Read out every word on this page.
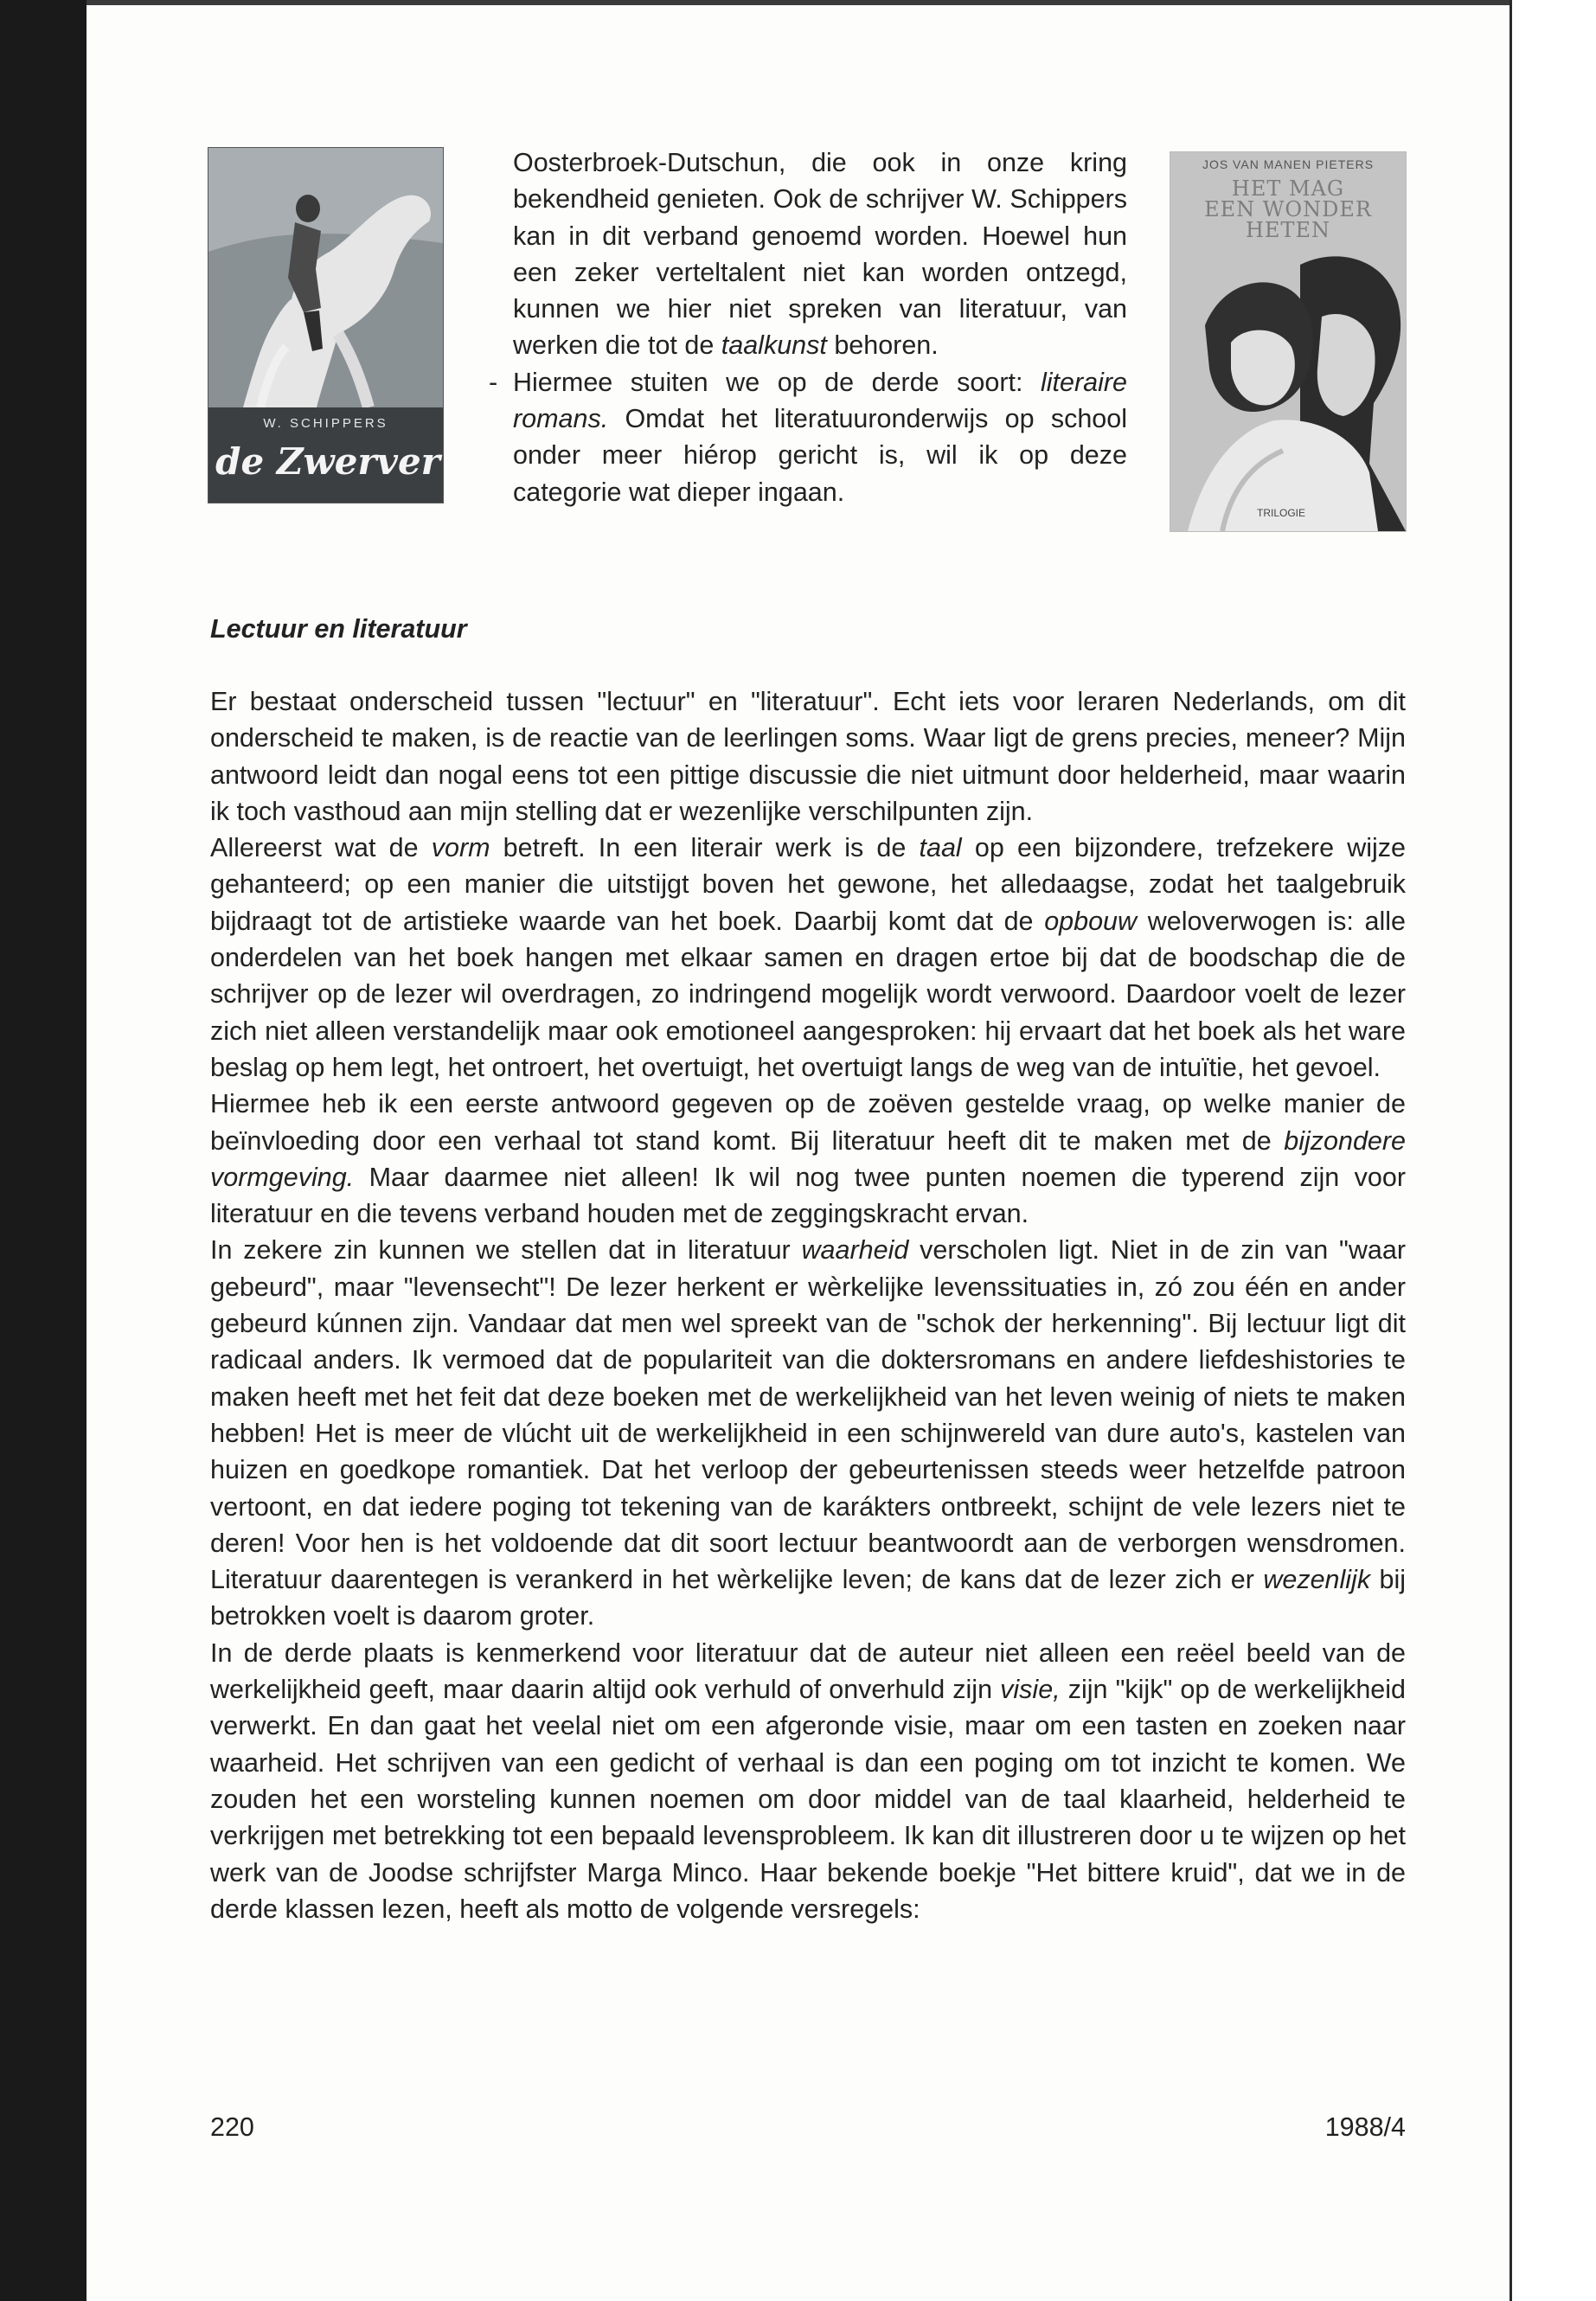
W. SCHIPPERS
de Zwerver

Oosterbroek-Dutschun, die ook in onze kring bekendheid genieten. Ook de schrijver W. Schippers kan in dit verband genoemd worden. Hoewel hun een zeker verteltalent niet kan worden ontzegd, kunnen we hier niet spreken van literatuur, van werken die tot de taalkunst behoren.

- Hiermee stuiten we op de derde soort: literaire romans. Omdat het literatuuronderwijs op school onder meer hiérop gericht is, wil ik op deze categorie wat dieper ingaan.

JOS VAN MANEN PIETERS
HET MAG
EEN WONDER
HETEN
TRILOGIE
Lectuur en literatuur

Er bestaat onderscheid tussen "lectuur" en "literatuur". Echt iets voor leraren Nederlands, om dit onderscheid te maken, is de reactie van de leerlingen soms. Waar ligt de grens precies, meneer? Mijn antwoord leidt dan nogal eens tot een pittige discussie die niet uitmunt door helderheid, maar waarin ik toch vasthoud aan mijn stelling dat er wezenlijke verschilpunten zijn.

Allereerst wat de vorm betreft. In een literair werk is de taal op een bijzondere, trefzekere wijze gehanteerd; op een manier die uitstijgt boven het gewone, het alledaagse, zodat het taalgebruik bijdraagt tot de artistieke waarde van het boek. Daarbij komt dat de opbouw weloverwogen is: alle onderdelen van het boek hangen met elkaar samen en dragen ertoe bij dat de boodschap die de schrijver op de lezer wil overdragen, zo indringend mogelijk wordt verwoord. Daardoor voelt de lezer zich niet alleen verstandelijk maar ook emotioneel aangesproken: hij ervaart dat het boek als het ware beslag op hem legt, het ontroert, het overtuigt, het overtuigt langs de weg van de intuïtie, het gevoel.

Hiermee heb ik een eerste antwoord gegeven op de zoëven gestelde vraag, op welke manier de beïnvloeding door een verhaal tot stand komt. Bij literatuur heeft dit te maken met de bijzondere vormgeving. Maar daarmee niet alleen! Ik wil nog twee punten noemen die typerend zijn voor literatuur en die tevens verband houden met de zeggingskracht ervan.

In zekere zin kunnen we stellen dat in literatuur waarheid verscholen ligt. Niet in de zin van "waar gebeurd", maar "levensecht"! De lezer herkent er wèrkelijke levenssituaties in, zó zou één en ander gebeurd kúnnen zijn. Vandaar dat men wel spreekt van de "schok der herkenning". Bij lectuur ligt dit radicaal anders. Ik vermoed dat de populariteit van die doktersromans en andere liefdeshistories te maken heeft met het feit dat deze boeken met de werkelijkheid van het leven weinig of niets te maken hebben! Het is meer de vlúcht uit de werkelijkheid in een schijnwereld van dure auto's, kastelen van huizen en goedkope romantiek. Dat het verloop der gebeurtenissen steeds weer hetzelfde patroon vertoont, en dat iedere poging tot tekening van de karákters ontbreekt, schijnt de vele lezers niet te deren! Voor hen is het voldoende dat dit soort lectuur beantwoordt aan de verborgen wensdromen. Literatuur daarentegen is verankerd in het wèrkelijke leven; de kans dat de lezer zich er wezenlijk bij betrokken voelt is daarom groter.

In de derde plaats is kenmerkend voor literatuur dat de auteur niet alleen een reëel beeld van de werkelijkheid geeft, maar daarin altijd ook verhuld of onverhuld zijn visie, zijn "kijk" op de werkelijkheid verwerkt. En dan gaat het veelal niet om een afgeronde visie, maar om een tasten en zoeken naar waarheid. Het schrijven van een gedicht of verhaal is dan een poging om tot inzicht te komen. We zouden het een worsteling kunnen noemen om door middel van de taal klaarheid, helderheid te verkrijgen met betrekking tot een bepaald levensprobleem. Ik kan dit illustreren door u te wijzen op het werk van de Joodse schrijfster Marga Minco. Haar bekende boekje "Het bittere kruid", dat we in de derde klassen lezen, heeft als motto de volgende versregels:

220	1988/4
